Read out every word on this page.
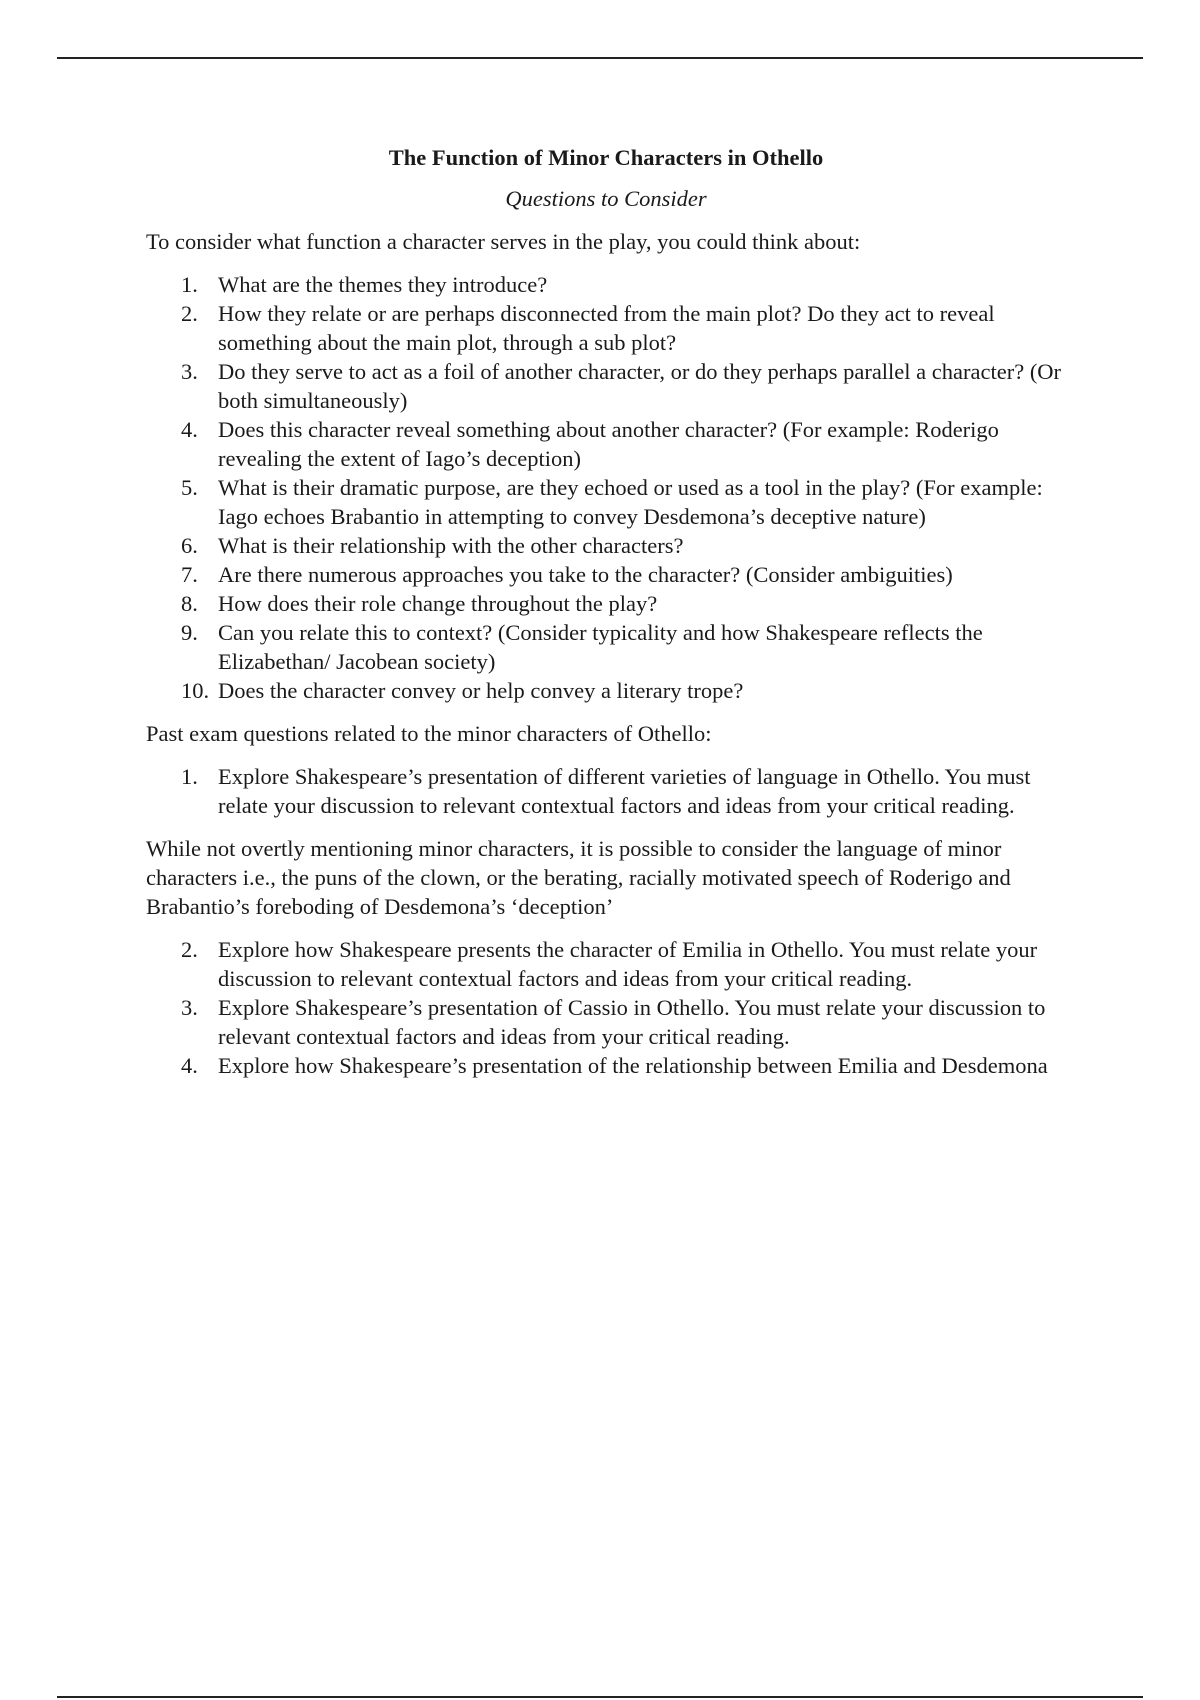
The Function of Minor Characters in Othello
Questions to Consider

To consider what function a character serves in the play, you could think about:

1. What are the themes they introduce?
2. How they relate or are perhaps disconnected from the main plot? Do they act to reveal something about the main plot, through a sub plot?
3. Do they serve to act as a foil of another character, or do they perhaps parallel a character? (Or both simultaneously)
4. Does this character reveal something about another character? (For example: Roderigo revealing the extent of Iago’s deception)
5. What is their dramatic purpose, are they echoed or used as a tool in the play? (For example: Iago echoes Brabantio in attempting to convey Desdemona’s deceptive nature)
6. What is their relationship with the other characters?
7. Are there numerous approaches you take to the character? (Consider ambiguities)
8. How does their role change throughout the play?
9. Can you relate this to context? (Consider typicality and how Shakespeare reflects the Elizabethan/ Jacobean society)
10. Does the character convey or help convey a literary trope?

Past exam questions related to the minor characters of Othello:

1. Explore Shakespeare’s presentation of different varieties of language in Othello. You must relate your discussion to relevant contextual factors and ideas from your critical reading.

While not overtly mentioning minor characters, it is possible to consider the language of minor characters i.e., the puns of the clown, or the berating, racially motivated speech of Roderigo and Brabantio’s foreboding of Desdemona’s ‘deception’

2. Explore how Shakespeare presents the character of Emilia in Othello. You must relate your discussion to relevant contextual factors and ideas from your critical reading.
3. Explore Shakespeare’s presentation of Cassio in Othello. You must relate your discussion to relevant contextual factors and ideas from your critical reading.
4. Explore how Shakespeare’s presentation of the relationship between Emilia and Desdemona
